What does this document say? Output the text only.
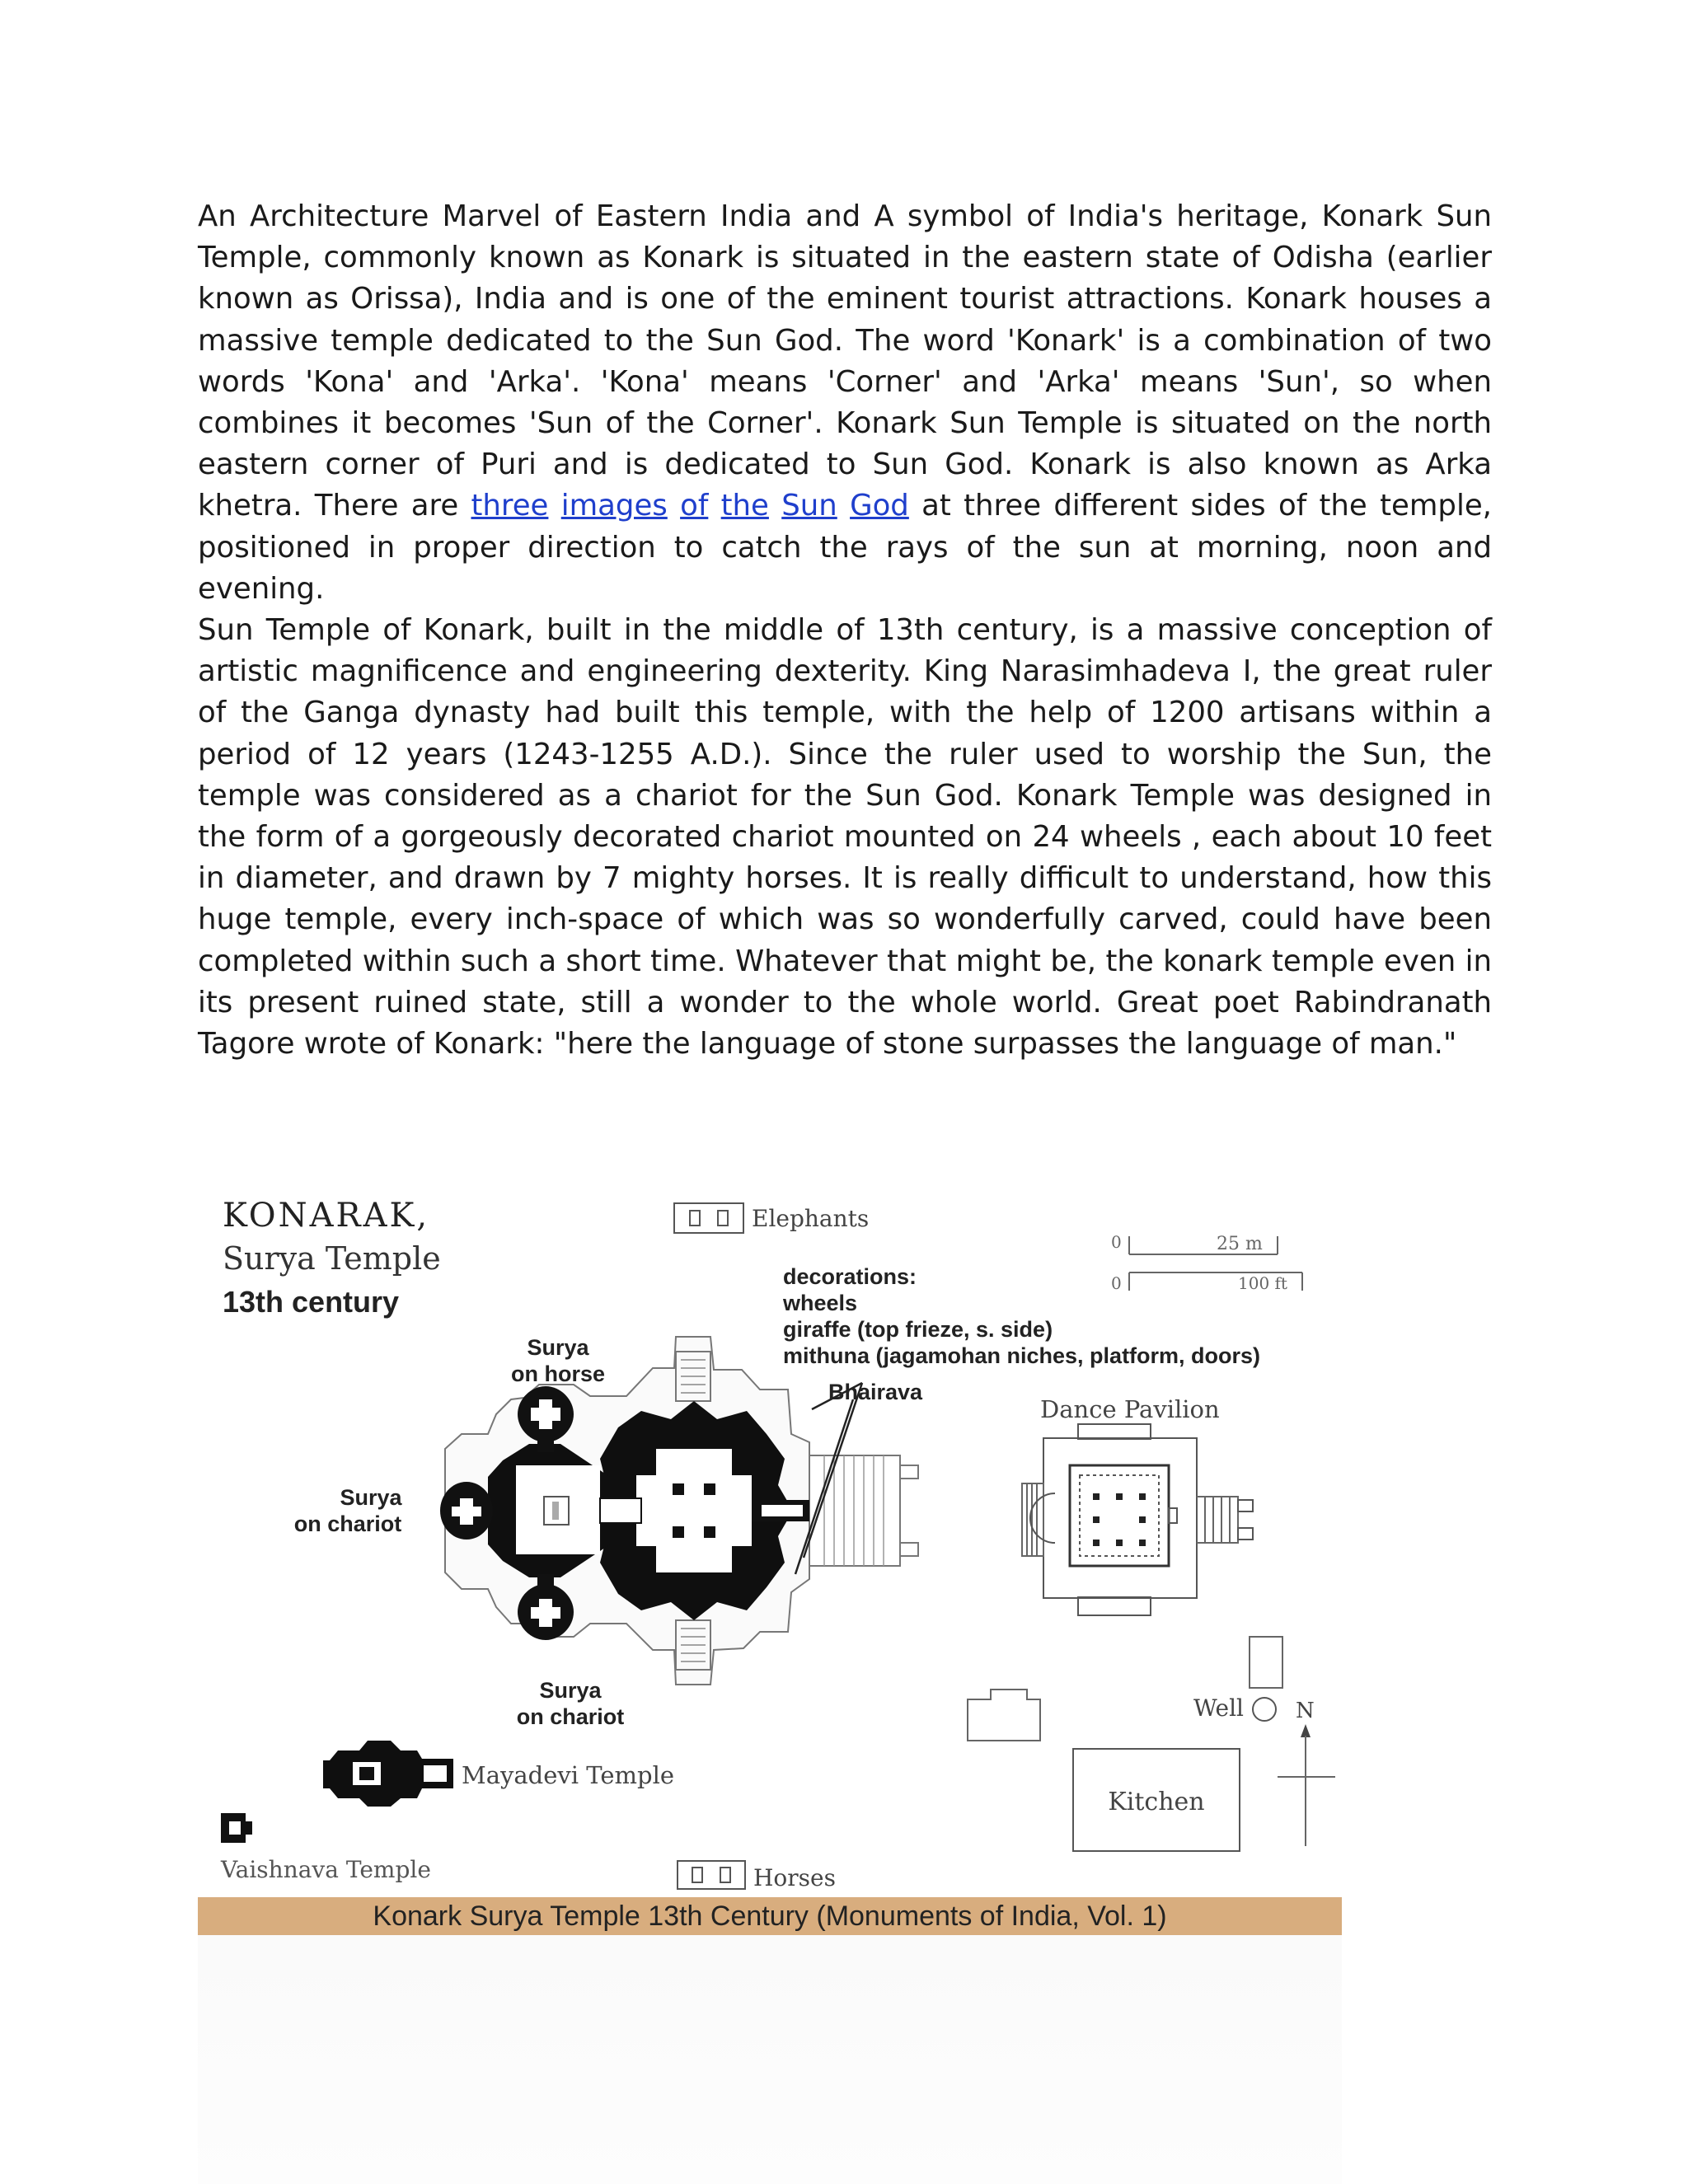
An Architecture Marvel of Eastern India and A symbol of India's heritage, Konark Sun Temple, commonly known as Konark is situated in the eastern state of Odisha (earlier known as Orissa), India and is one of the eminent tourist attractions. Konark houses a massive temple dedicated to the Sun God. The word 'Konark' is a combination of two words 'Kona' and 'Arka'. 'Kona' means 'Corner' and 'Arka' means 'Sun', so when combines it becomes 'Sun of the Corner'. Konark Sun Temple is situated on the north eastern corner of Puri and is dedicated to Sun God. Konark is also known as Arka khetra. There are three images of the Sun God at three different sides of the temple, positioned in proper direction to catch the rays of the sun at morning, noon and evening.

Sun Temple of Konark, built in the middle of 13th century, is a massive conception of artistic magnificence and engineering dexterity. King Narasimhadeva I, the great ruler of the Ganga dynasty had built this temple, with the help of 1200 artisans within a period of 12 years (1243-1255 A.D.). Since the ruler used to worship the Sun, the temple was considered as a chariot for the Sun God. Konark Temple was designed in the form of a gorgeously decorated chariot mounted on 24 wheels , each about 10 feet in diameter, and drawn by 7 mighty horses. It is really difficult to understand, how this huge temple, every inch-space of which was so wonderfully carved, could have been completed within such a short time. Whatever that might be, the konark temple even in its present ruined state, still a wonder to the whole world. Great poet Rabindranath Tagore wrote of Konark: "here the language of stone surpasses the language of man."

KONARAK,
Surya Temple
13th century
Elephants
0	25 m
0	100 ft
decorations:
wheels
giraffe (top frieze, s. side)
mithuna (jagamohan niches, platform, doors)
Surya
on horse
Bhairava
Dance Pavilion
Surya
on chariot
Surya
on chariot	Well N
Mayadevi Temple
Kitchen
Vaishnava Temple	Horses
Konark Surya Temple 13th Century (Monuments of India, Vol. 1)
